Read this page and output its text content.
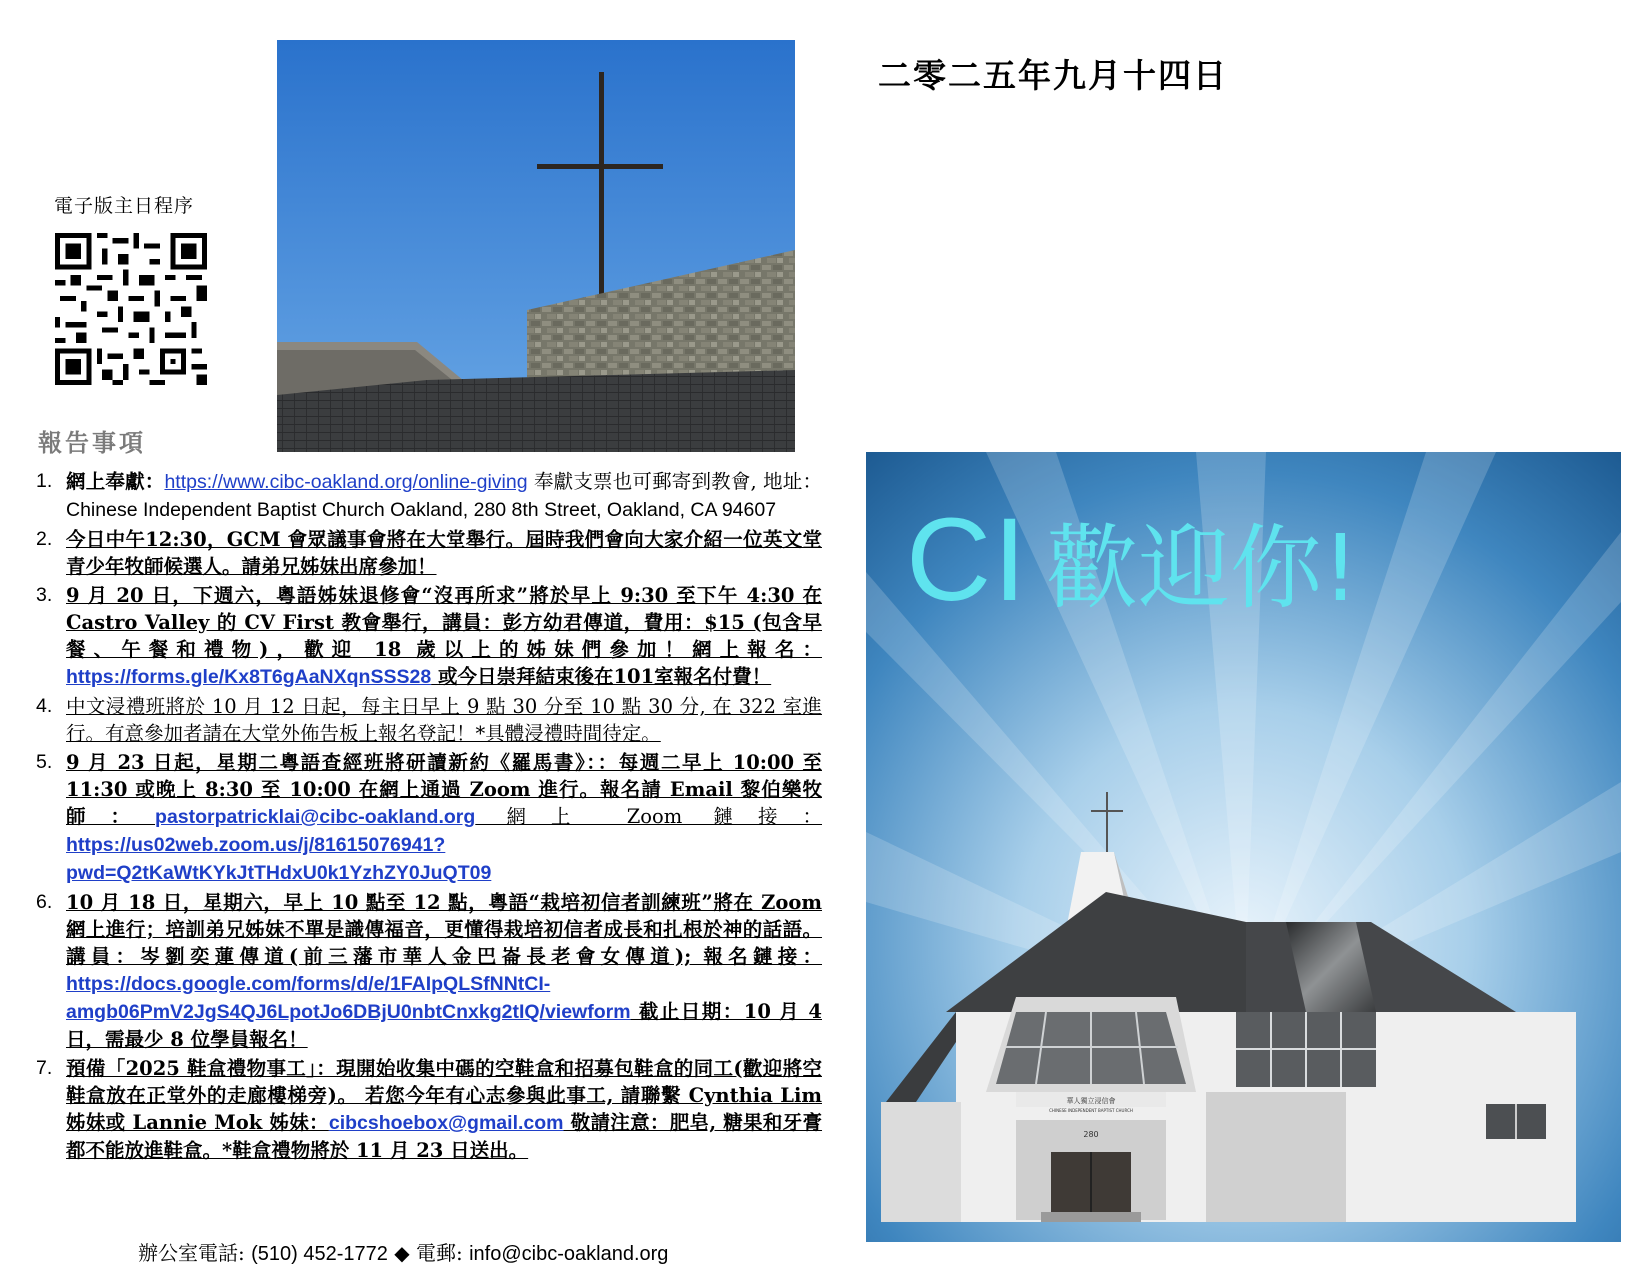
電子版主日程序
二零二五年九月十四日
報告事項
1. 網上奉獻：https://www.cibc-oakland.org/online-giving 奉獻支票也可郵寄到教會, 地址：Chinese Independent Baptist Church Oakland, 280 8th Street, Oakland, CA 94607
2. 今日中午12:30，GCM 會眾議事會將在大堂舉行。屆時我們會向大家介紹一位英文堂青少年牧師候選人。請弟兄姊妹出席參加！
3. 9 月 20 日，下週六，粵語姊妹退修會“沒再所求”將於早上 9:30 至下午 4:30 在 Castro Valley 的 CV First 教會舉行，講員：彭方幼君傳道，費用：$15 (包含早餐、午餐和禮物)，歡迎 18 歲以上的姊妹們參加！網上報名：https://forms.gle/Kx8T6gAaNXqnSSS28 或今日崇拜結束後在101室報名付費！
4. 中文浸禮班將於 10 月 12 日起，每主日早上 9 點 30 分至 10 點 30 分, 在 322 室進行。有意參加者請在大堂外佈告板上報名登記！*具體浸禮時間待定。
5. 9 月 23 日起，星期二粵語查經班將研讀新約《羅馬書》：：每週二早上 10:00 至 11:30 或晚上 8:30 至 10:00 在網上通過 Zoom 進行。報名請 Email 黎伯樂牧師：pastorpatricklai@cibc-oakland.org 網上 Zoom 鏈接：https://us02web.zoom.us/j/81615076941?pwd=Q2tKaWtKYkJtTHdxU0k1YzhZY0JuQT09
6. 10 月 18 日，星期六，早上 10 點至 12 點，粵語“栽培初信者訓練班”將在 Zoom 網上進行；培訓弟兄姊妹不單是識傳福音，更懂得栽培初信者成長和扎根於神的話語。講員：岑劉奕蓮傳道(前三藩市華人金巴崙長老會女傳道); 報名鏈接：https://docs.google.com/forms/d/e/1FAIpQLSfNNtCI-amgb06PmV2JgS4QJ6LpotJo6DBjU0nbtCnxkg2tIQ/viewform 截止日期：10 月 4 日，需最少 8 位學員報名！
7. 預備「2025 鞋盒禮物事工」：現開始收集中碼的空鞋盒和招募包鞋盒的同工(歡迎將空鞋盒放在正堂外的走廊樓梯旁)。 若您今年有心志參與此事工, 請聯繫 Cynthia Lim 姊妹或 Lannie Mok 姊妹：cibcshoebox@gmail.com 敬請注意：肥皂, 糖果和牙膏都不能放進鞋盒。*鞋盒禮物將於 11 月 23 日送出。
辦公室電話: (510) 452-1772 ◆ 電郵: info@cibc-oakland.org
華人獨立浸信會
CHINESE INDEPENDENT BAPTIST CHURCH
280
CI 歡迎你!
